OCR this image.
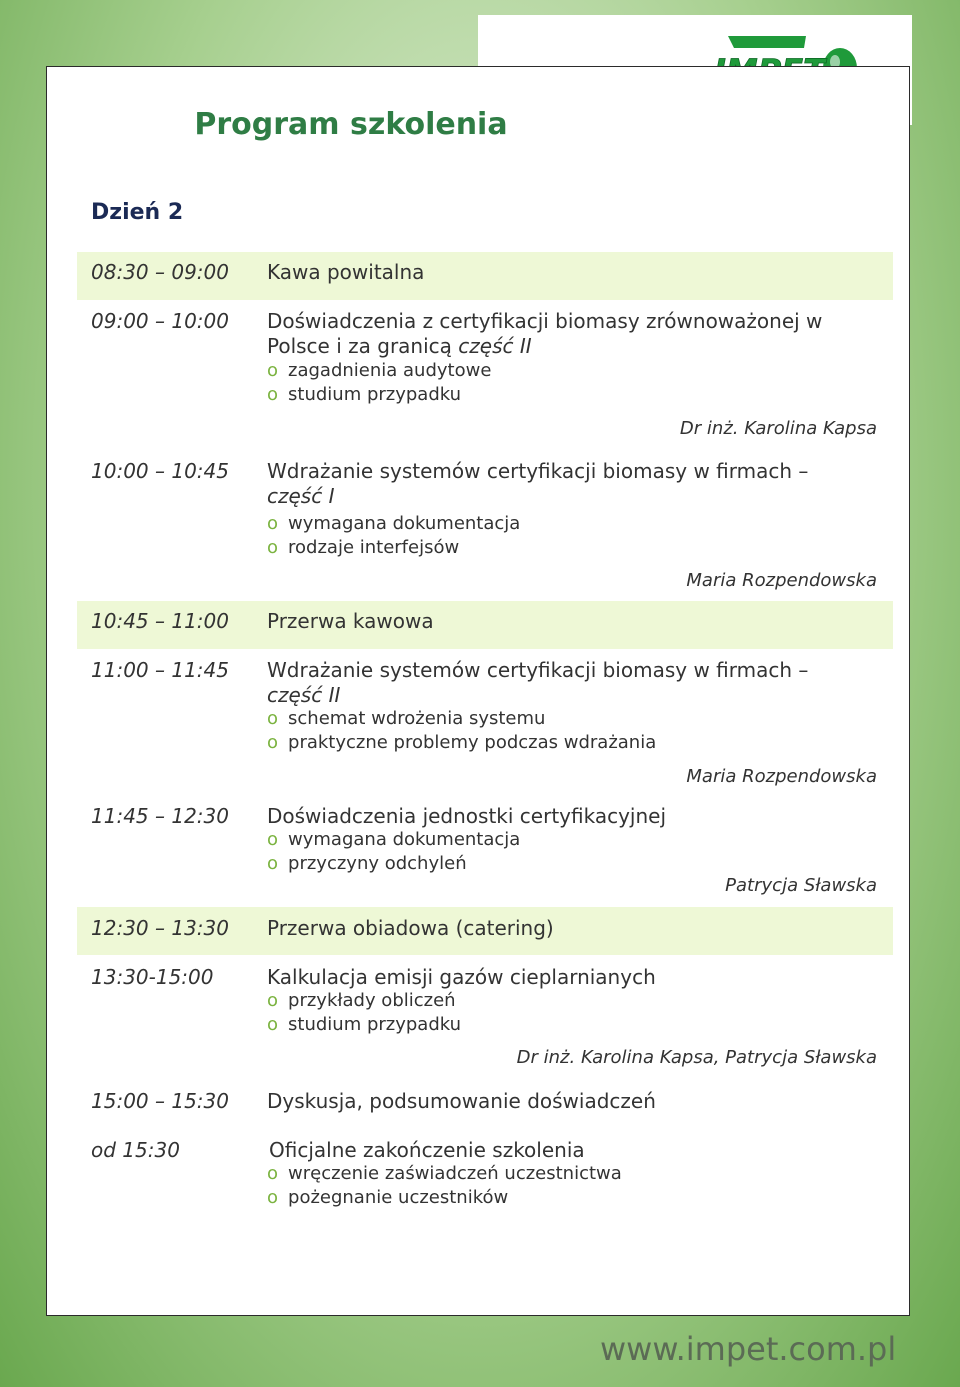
Program szkolenia
Dzień 2
08:30 – 09:00 Kawa powitalna
09:00 – 10:00 Doświadczenia z certyfikacji biomasy zrównoważonej w Polsce i za granicą część II
o zagadnienia audytowe
o studium przypadku
Dr inż. Karolina Kapsa
10:00 – 10:45 Wdrażanie systemów certyfikacji biomasy w firmach – część I
o wymagana dokumentacja
o rodzaje interfejsów
Maria Rozpendowska
10:45 – 11:00 Przerwa kawowa
11:00 – 11:45 Wdrażanie systemów certyfikacji biomasy w firmach – część II
o schemat wdrożenia systemu
o praktyczne problemy podczas wdrażania
Maria Rozpendowska
11:45 – 12:30 Doświadczenia jednostki certyfikacyjnej
o wymagana dokumentacja
o przyczyny odchyleń
Patrycja Sławska
12:30 – 13:30 Przerwa obiadowa (catering)
13:30-15:00	Kalkulacja emisji gazów cieplarnianych
o przykłady obliczeń
o studium przypadku
Dr inż. Karolina Kapsa, Patrycja Sławska
15:00 – 15:30 Dyskusja, podsumowanie doświadczeń
od 15:30	Oficjalne zakończenie szkolenia
o wręczenie zaświadczeń uczestnictwa
o pożegnanie uczestników
www.impet.com.pl
